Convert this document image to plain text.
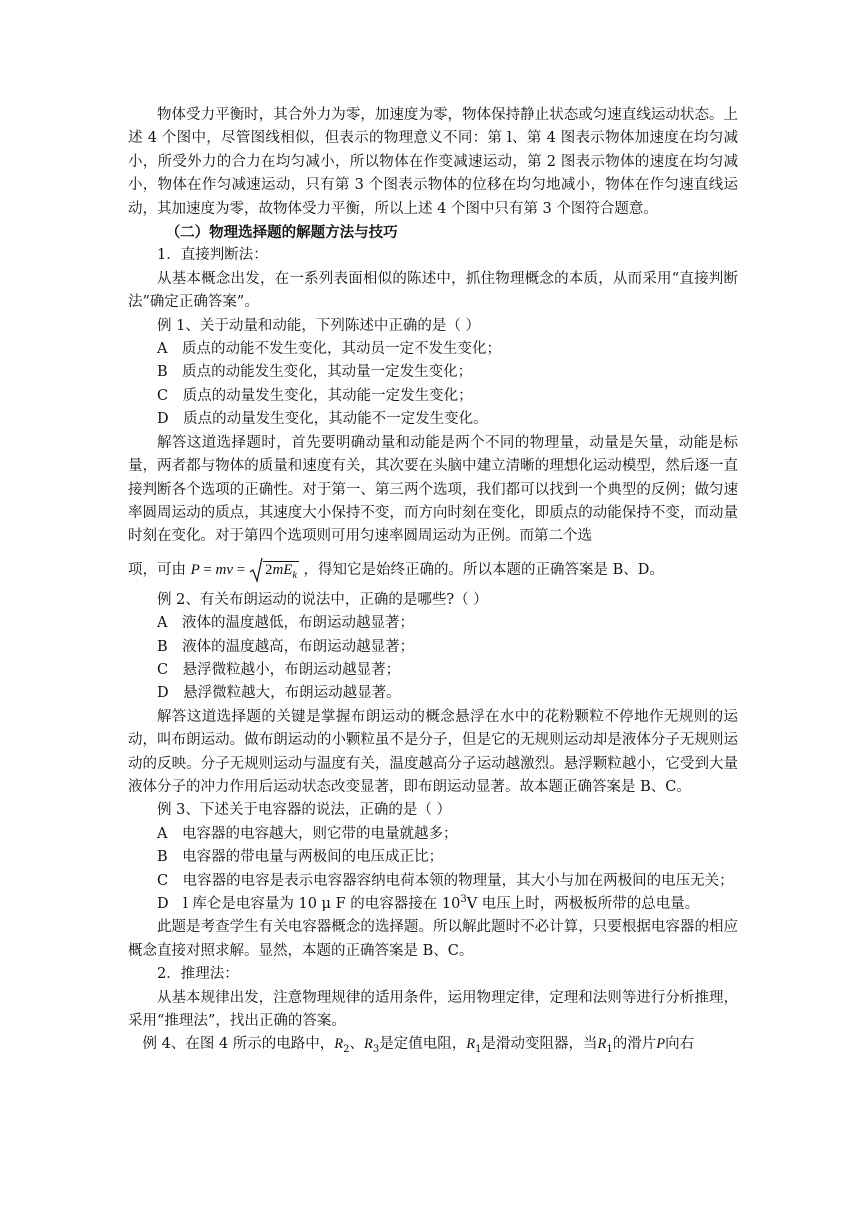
物体受力平衡时，其合外力为零，加速度为零，物体保持静止状态或匀速直线运动状态。上述 4 个图中，尽管图线相似，但表示的物理意义不同：第 l、第 4 图表示物体加速度在均匀减小，所受外力的合力在均匀减小，所以物体在作变减速运动，第 2 图表示物体的速度在均匀减小，物体在作匀减速运动，只有第 3 个图表示物体的位移在均匀地减小，物体在作匀速直线运动，其加速度为零，故物体受力平衡，所以上述 4 个图中只有第 3 个图符合题意。

（二）物理选择题的解题方法与技巧

1．直接判断法：

从基本概念出发，在一系列表面相似的陈述中，抓住物理概念的本质，从而采用“直接判断法”确定正确答案”。

例 1、关于动量和动能，下列陈述中正确的是（ ）

A　质点的动能不发生变化，其动员一定不发生变化；

B　质点的动能发生变化，其动量一定发生变化；

C　质点的动量发生变化，其动能一定发生变化；

D　质点的动量发生变化，其动能不一定发生变化。

解答这道选择题时，首先要明确动量和动能是两个不同的物理量，动量是矢量，动能是标量，两者都与物体的质量和速度有关，其次要在头脑中建立清晰的理想化运动模型，然后逐一直接判断各个选项的正确性。对于第一、第三两个选项，我们都可以找到一个典型的反例；做匀速率圆周运动的质点，其速度大小保持不变，而方向时刻在变化，即质点的动能保持不变，而动量时刻在变化。对于第四个选项则可用匀速率圆周运动为正例。而第二个选

项，可由 P = mv = $2mE_k$ ，得知它是始终正确的。所以本题的正确答案是 B、D。

例 2、有关布朗运动的说法中，正确的是哪些?（ ）

A　液体的温度越低，布朗运动越显著；

B　液体的温度越高，布朗运动越显著；

C　悬浮微粒越小，布朗运动越显著；

D　悬浮微粒越大，布朗运动越显著。

解答这道选择题的关键是掌握布朗运动的概念悬浮在水中的花粉颗粒不停地作无规则的运动，叫布朗运动。做布朗运动的小颗粒虽不是分子，但是它的无规则运动却是液体分子无规则运动的反映。分子无规则运动与温度有关，温度越高分子运动越激烈。悬浮颗粒越小，它受到大量液体分子的冲力作用后运动状态改变显著，即布朗运动显著。故本题正确答案是 B、C。

例 3、下述关于电容器的说法，正确的是（ ）

A　电容器的电容越大，则它带的电量就越多；

B　电容器的带电量与两极间的电压成正比；

C　电容器的电容是表示电容器容纳电荷本领的物理量，其大小与加在两极间的电压无关；

D　l 库仑是电容量为 10 μ F 的电容器接在 $10^3V$ 电压上时，两极板所带的总电量。

此题是考查学生有关电容器概念的选择题。所以解此题时不必计算，只要根据电容器的相应概念直接对照求解。显然，本题的正确答案是 B、C。

2．推理法：

从基本规律出发，注意物理规律的适用条件，运用物理定律，定理和法则等进行分析推理，采用“推理法”，找出正确的答案。

例 4、在图 4 所示的电路中，$R_2$、$R_3$是定值电阻，$R_1$是滑动变阻器，当$R_1$的滑片P向右
